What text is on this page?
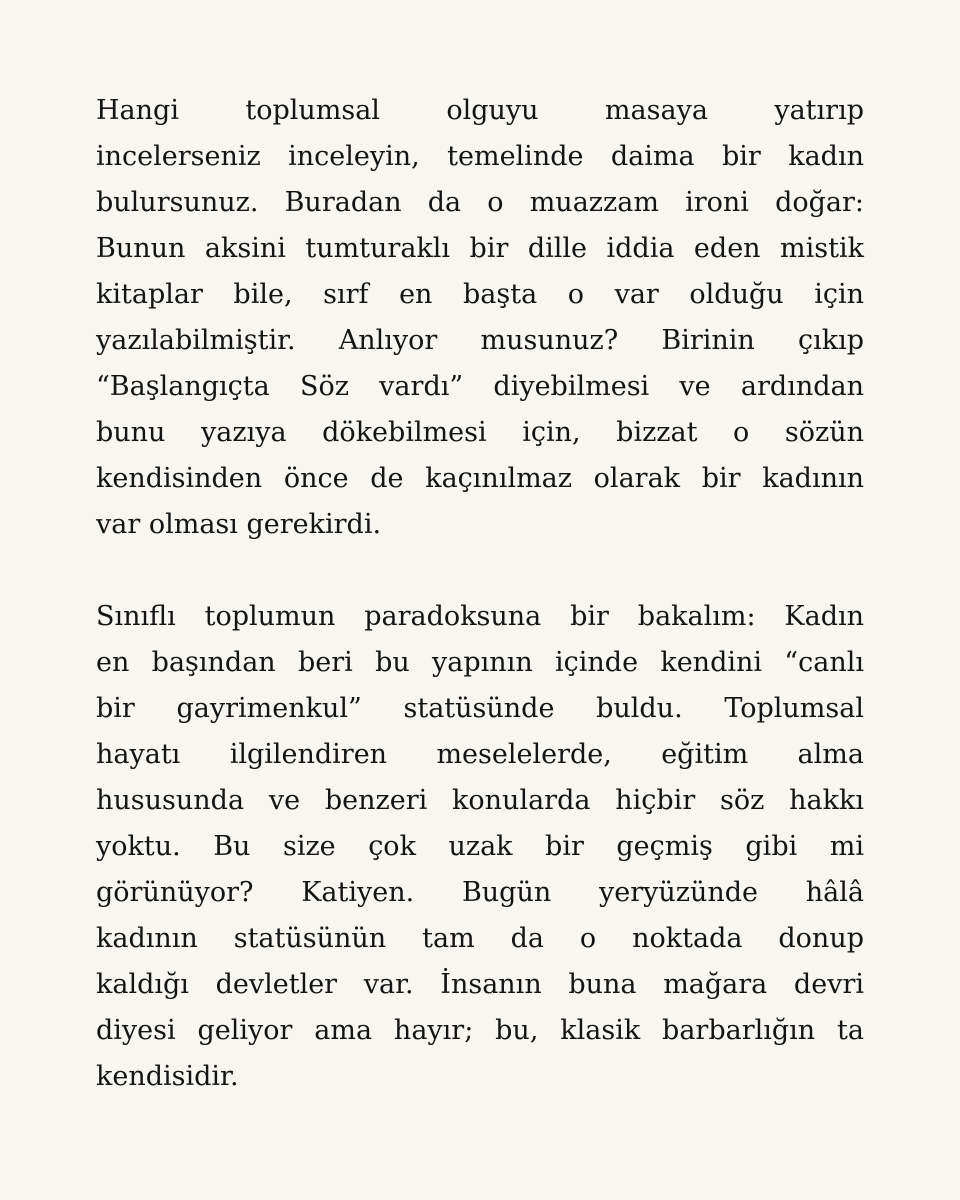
Hangi toplumsal olguyu masaya yatırıp
incelerseniz inceleyin, temelinde daima bir kadın
bulursunuz. Buradan da o muazzam ironi doğar:
Bunun aksini tumturaklı bir dille iddia eden mistik
kitaplar bile, sırf en başta o var olduğu için
yazılabilmiştir. Anlıyor musunuz? Birinin çıkıp
“Başlangıçta Söz vardı” diyebilmesi ve ardından
bunu yazıya dökebilmesi için, bizzat o sözün
kendisinden önce de kaçınılmaz olarak bir kadının
var olması gerekirdi.
Sınıflı toplumun paradoksuna bir bakalım: Kadın
en başından beri bu yapının içinde kendini “canlı
bir gayrimenkul” statüsünde buldu. Toplumsal
hayatı ilgilendiren meselelerde, eğitim alma
hususunda ve benzeri konularda hiçbir söz hakkı
yoktu. Bu size çok uzak bir geçmiş gibi mi
görünüyor? Katiyen. Bugün yeryüzünde hâlâ
kadının statüsünün tam da o noktada donup
kaldığı devletler var. İnsanın buna mağara devri
diyesi geliyor ama hayır; bu, klasik barbarlığın ta
kendisidir.
